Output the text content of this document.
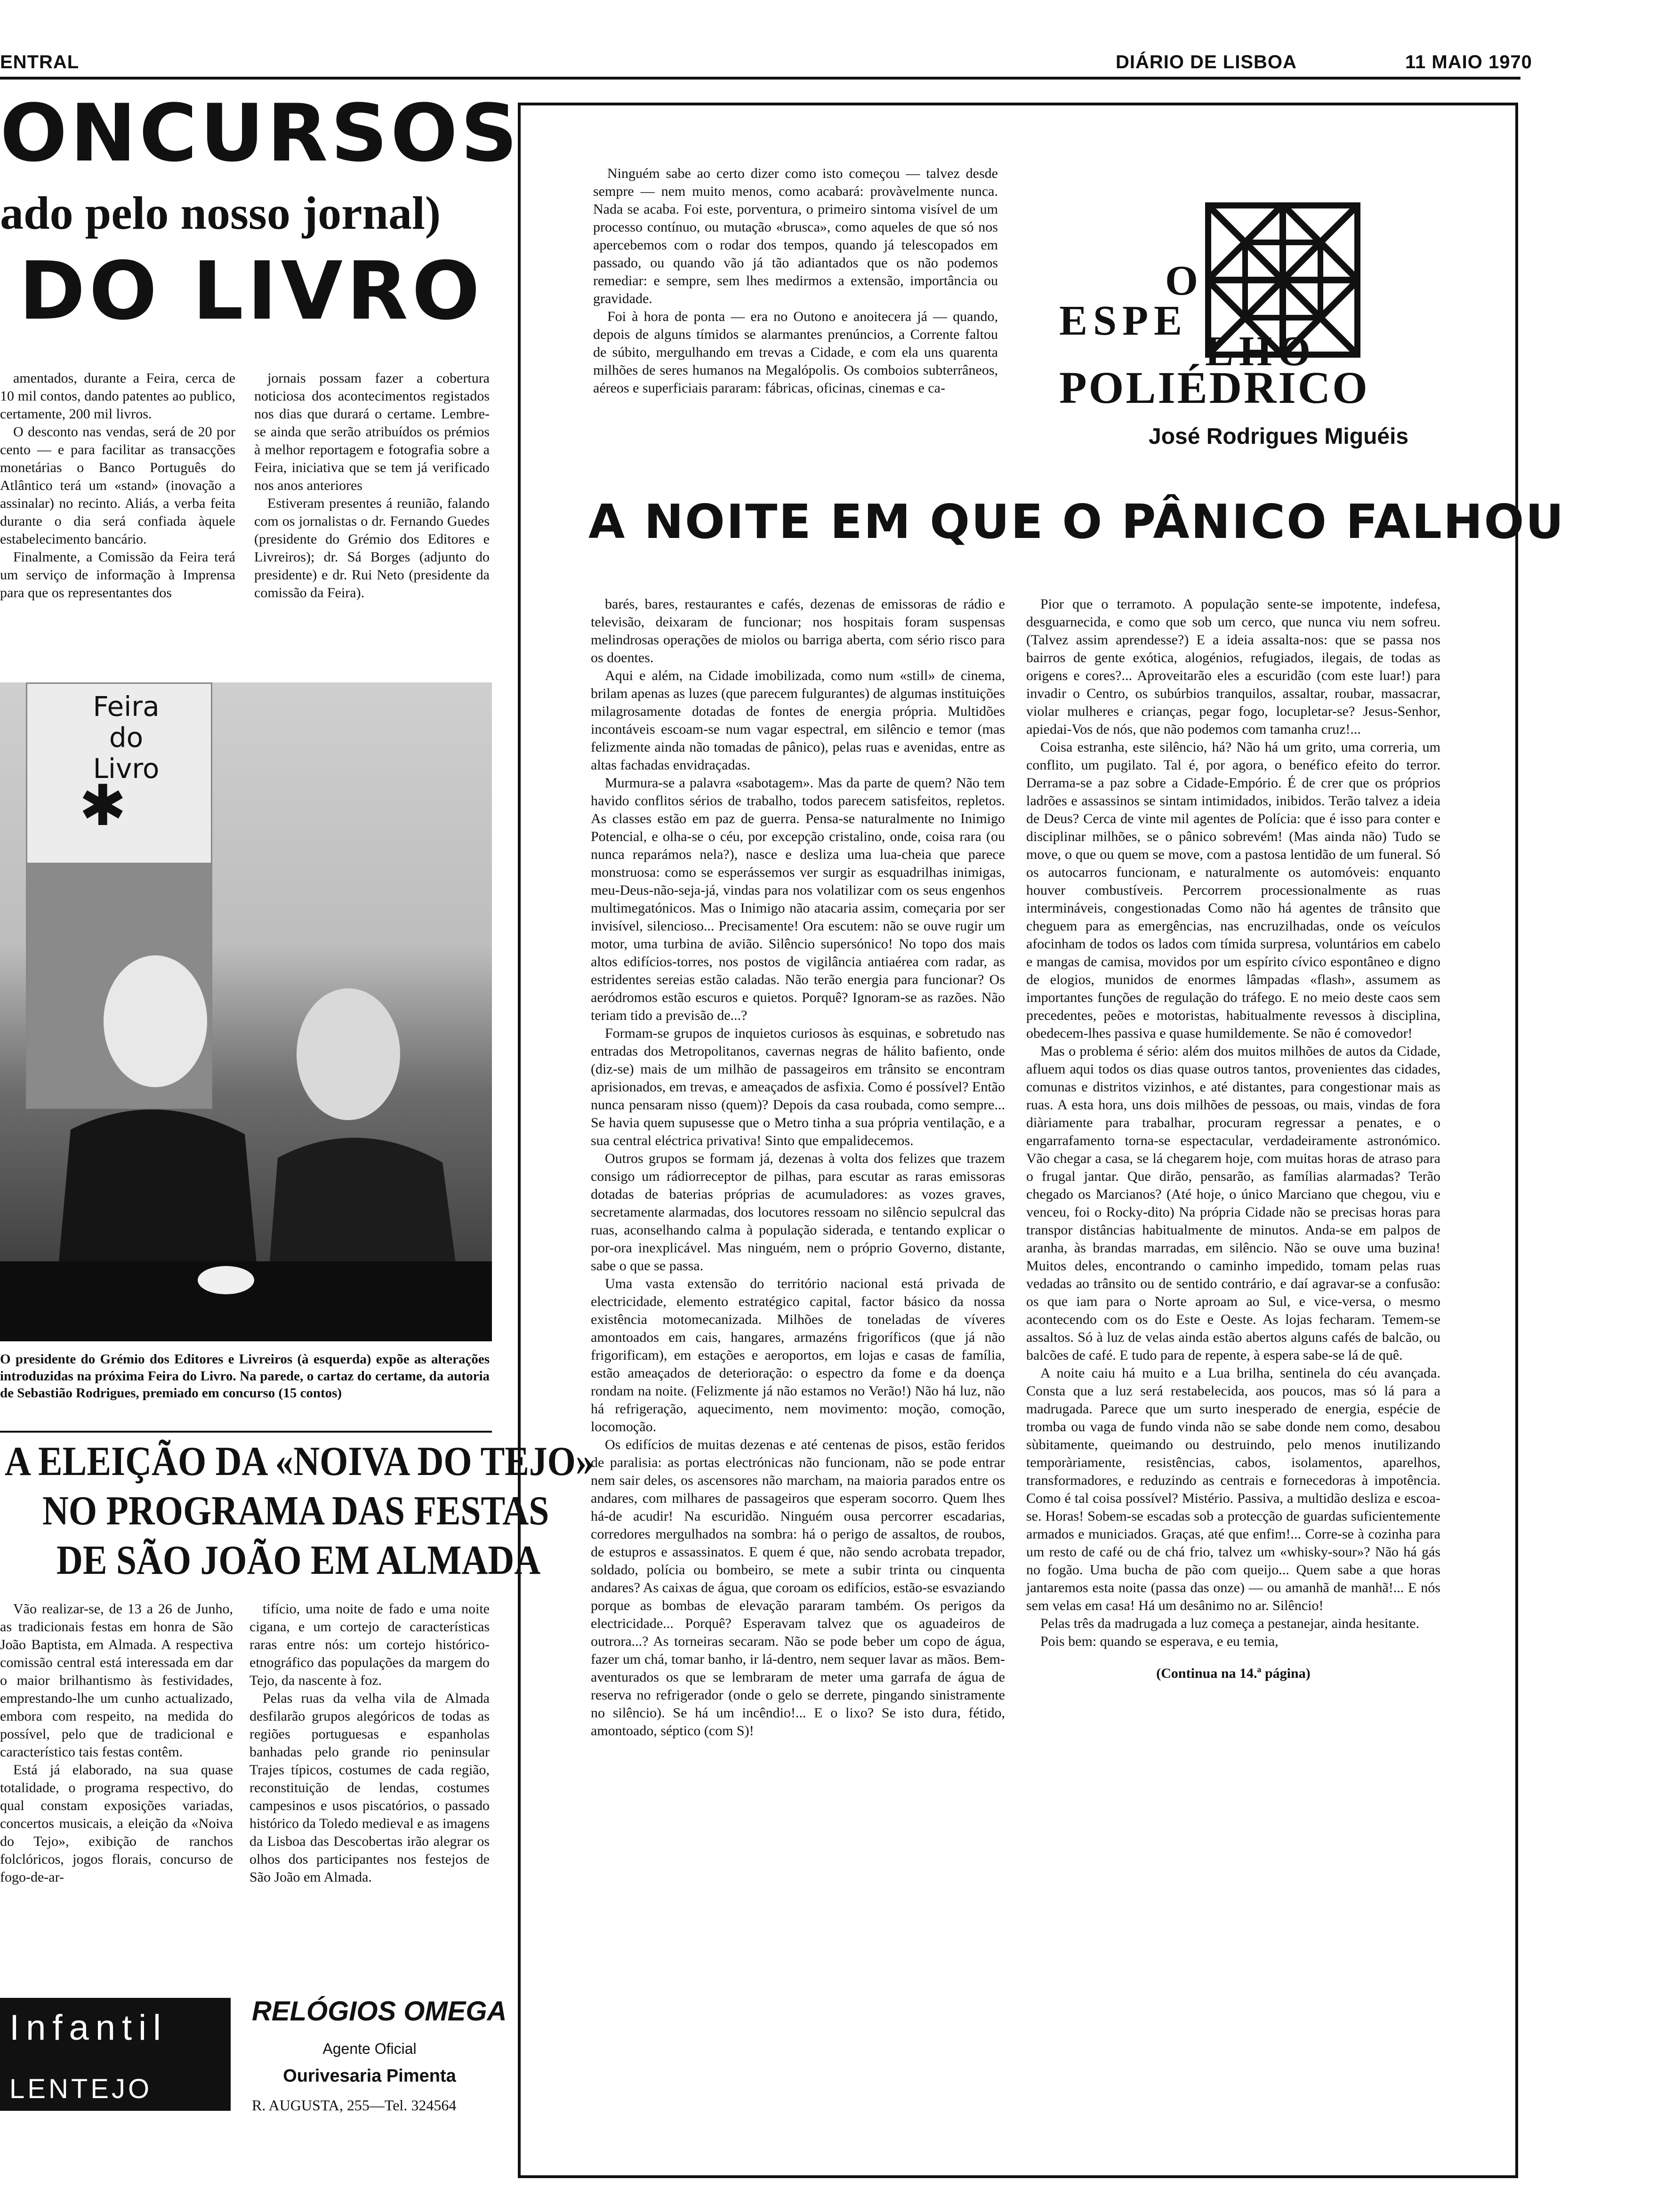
ENTRAL	DIÁRIO DE LISBOA	11 MAIO 1970
ONCURSOS
ado pelo nosso jornal)
DO LIVRO

amentados, durante a Feira, cerca de 10 mil contos, dando patentes ao publico, certamente, 200 mil livros.

O desconto nas vendas, será de 20 por cento — e para facilitar as transacções monetárias o Banco Português do Atlântico terá um «stand» (inovação a assinalar) no recinto. Aliás, a verba feita durante o dia será confiada àquele estabelecimento bancário.

Finalmente, a Comissão da Feira terá um serviço de informação à Imprensa para que os representantes dos

jornais possam fazer a cobertura noticiosa dos acontecimentos registados nos dias que durará o certame. Lembre-se ainda que serão atribuídos os prémios à melhor reportagem e fotografia sobre a Feira, iniciativa que se tem já verificado nos anos anteriores

Estiveram presentes á reunião, falando com os jornalistas o dr. Fernando Guedes (presidente do Grémio dos Editores e Livreiros); dr. Sá Borges (adjunto do presidente) e dr. Rui Neto (presidente da comissão da Feira).

Feira do Livro
✱
O presidente do Grémio dos Editores e Livreiros (à esquerda) expõe as alterações introduzidas na próxima Feira do Livro. Na parede, o cartaz do certame, da autoria de Sebastião Rodrigues, premiado em concurso (15 contos)
A ELEIÇÃO DA «NOIVA DO TEJO»
NO PROGRAMA DAS FESTAS
DE SÃO JOÃO EM ALMADA

Vão realizar-se, de 13 a 26 de Junho, as tradicionais festas em honra de São João Baptista, em Almada. A respectiva comissão central está interessada em dar o maior brilhantismo às festividades, emprestando-lhe um cunho actualizado, embora com respeito, na medida do possível, pelo que de tradicional e característico tais festas contêm.

Está já elaborado, na sua quase totalidade, o programa respectivo, do qual constam exposições variadas, concertos musicais, a eleição da «Noiva do Tejo», exibição de ranchos folclóricos, jogos florais, concurso de fogo-de-ar-

tifício, uma noite de fado e uma noite cigana, e um cortejo de características raras entre nós: um cortejo histórico-etnográfico das populações da margem do Tejo, da nascente à foz.

Pelas ruas da velha vila de Almada desfilarão grupos alegóricos de todas as regiões portuguesas e espanholas banhadas pelo grande rio peninsular Trajes típicos, costumes de cada região, reconstituição de lendas, costumes campesinos e usos piscatórios, o passado histórico da Toledo medieval e as imagens da Lisboa das Descobertas irão alegrar os olhos dos participantes nos festejos de São João em Almada.

Infantil
LENTEJO
RELÓGIOS OMEGA
Agente Oficial
Ourivesaria Pimenta
R. AUGUSTA, 255—Tel. 324564

Ninguém sabe ao certo dizer como isto começou — talvez desde sempre — nem muito menos, como acabará: provàvelmente nunca. Nada se acaba. Foi este, porventura, o primeiro sintoma visível de um processo contínuo, ou mutação «brusca», como aqueles de que só nos apercebemos com o rodar dos tempos, quando já telescopados em passado, ou quando vão já tão adiantados que os não podemos remediar: e sempre, sem lhes medirmos a extensão, importância ou gravidade.

Foi à hora de ponta — era no Outono e anoitecera já — quando, depois de alguns tímidos se alarmantes prenúncios, a Corrente faltou de súbito, mergulhando em trevas a Cidade, e com ela uns quarenta milhões de seres humanos na Megalópolis. Os comboios subterrâneos, aéreos e superficiais pararam: fábricas, oficinas, cinemas e ca-

O
ESPE
LHO
POLIÉDRICO
José Rodrigues Miguéis
A NOITE EM QUE O PÂNICO FALHOU

barés, bares, restaurantes e cafés, dezenas de emissoras de rádio e televisão, deixaram de funcionar; nos hospitais foram suspensas melindrosas operações de miolos ou barriga aberta, com sério risco para os doentes.

Aqui e além, na Cidade imobilizada, como num «still» de cinema, brilam apenas as luzes (que parecem fulgurantes) de algumas instituições milagrosamente dotadas de fontes de energia própria. Multidões incontáveis escoam-se num vagar espectral, em silêncio e temor (mas felizmente ainda não tomadas de pânico), pelas ruas e avenidas, entre as altas fachadas envidraçadas.

Murmura-se a palavra «sabotagem». Mas da parte de quem? Não tem havido conflitos sérios de trabalho, todos parecem satisfeitos, repletos. As classes estão em paz de guerra. Pensa-se naturalmente no Inimigo Potencial, e olha-se o céu, por excepção cristalino, onde, coisa rara (ou nunca reparámos nela?), nasce e desliza uma lua-cheia que parece monstruosa: como se esperássemos ver surgir as esquadrilhas inimigas, meu-Deus-não-seja-já, vindas para nos volatilizar com os seus engenhos multimegatónicos. Mas o Inimigo não atacaria assim, começaria por ser invisível, silencioso... Precisamente! Ora escutem: não se ouve rugir um motor, uma turbina de avião. Silêncio supersónico! No topo dos mais altos edifícios-torres, nos postos de vigilância antiaérea com radar, as estridentes sereias estão caladas. Não terão energia para funcionar? Os aeródromos estão escuros e quietos. Porquê? Ignoram-se as razões. Não teriam tido a previsão de...?

Formam-se grupos de inquietos curiosos às esquinas, e sobretudo nas entradas dos Metropolitanos, cavernas negras de hálito bafiento, onde (diz-se) mais de um milhão de passageiros em trânsito se encontram aprisionados, em trevas, e ameaçados de asfixia. Como é possível? Então nunca pensaram nisso (quem)? Depois da casa roubada, como sempre... Se havia quem supusesse que o Metro tinha a sua própria ventilação, e a sua central eléctrica privativa! Sinto que empalidecemos.

Outros grupos se formam já, dezenas à volta dos felizes que trazem consigo um rádiorreceptor de pilhas, para escutar as raras emissoras dotadas de baterias próprias de acumuladores: as vozes graves, secretamente alarmadas, dos locutores ressoam no silêncio sepulcral das ruas, aconselhando calma à população siderada, e tentando explicar o por-ora inexplicável. Mas ninguém, nem o próprio Governo, distante, sabe o que se passa.

Uma vasta extensão do território nacional está privada de electricidade, elemento estratégico capital, factor básico da nossa existência motomecanizada. Milhões de toneladas de víveres amontoados em cais, hangares, armazéns frigoríficos (que já não frigorificam), em estações e aeroportos, em lojas e casas de família, estão ameaçados de deterioração: o espectro da fome e da doença rondam na noite. (Felizmente já não estamos no Verão!) Não há luz, não há refrigeração, aquecimento, nem movimento: moção, comoção, locomoção.

Os edifícios de muitas dezenas e até centenas de pisos, estão feridos de paralisia: as portas electrónicas não funcionam, não se pode entrar nem sair deles, os ascensores não marcham, na maioria parados entre os andares, com milhares de passageiros que esperam socorro. Quem lhes há-de acudir! Na escuridão. Ninguém ousa percorrer escadarias, corredores mergulhados na sombra: há o perigo de assaltos, de roubos, de estupros e assassinatos. E quem é que, não sendo acrobata trepador, soldado, polícia ou bombeiro, se mete a subir trinta ou cinquenta andares? As caixas de água, que coroam os edifícios, estão-se esvaziando porque as bombas de elevação pararam também. Os perigos da electricidade... Porquê? Esperavam talvez que os aguadeiros de outrora...? As torneiras secaram. Não se pode beber um copo de água, fazer um chá, tomar banho, ir lá-dentro, nem sequer lavar as mãos. Bem-aventurados os que se lembraram de meter uma garrafa de água de reserva no refrigerador (onde o gelo se derrete, pingando sinistramente no silêncio). Se há um incêndio!... E o lixo? Se isto dura, fétido, amontoado, séptico (com S)!

Pior que o terramoto. A população sente-se impotente, indefesa, desguarnecida, e como que sob um cerco, que nunca viu nem sofreu. (Talvez assim aprendesse?) E a ideia assalta-nos: que se passa nos bairros de gente exótica, alogénios, refugiados, ilegais, de todas as origens e cores?... Aproveitarão eles a escuridão (com este luar!) para invadir o Centro, os subúrbios tranquilos, assaltar, roubar, massacrar, violar mulheres e crianças, pegar fogo, locupletar-se? Jesus-Senhor, apiedai-Vos de nós, que não podemos com tamanha cruz!...

Coisa estranha, este silêncio, há? Não há um grito, uma correria, um conflito, um pugilato. Tal é, por agora, o benéfico efeito do terror. Derrama-se a paz sobre a Cidade-Empório. É de crer que os próprios ladrões e assassinos se sintam intimidados, inibidos. Terão talvez a ideia de Deus? Cerca de vinte mil agentes de Polícia: que é isso para conter e disciplinar milhões, se o pânico sobrevém! (Mas ainda não) Tudo se move, o que ou quem se move, com a pastosa lentidão de um funeral. Só os autocarros funcionam, e naturalmente os automóveis: enquanto houver combustíveis. Percorrem processionalmente as ruas intermináveis, congestionadas Como não há agentes de trânsito que cheguem para as emergências, nas encruzilhadas, onde os veículos afocinham de todos os lados com tímida surpresa, voluntários em cabelo e mangas de camisa, movidos por um espírito cívico espontâneo e digno de elogios, munidos de enormes lâmpadas «flash», assumem as importantes funções de regulação do tráfego. E no meio deste caos sem precedentes, peões e motoristas, habitualmente revessos à disciplina, obedecem-lhes passiva e quase humildemente. Se não é comovedor!

Mas o problema é sério: além dos muitos milhões de autos da Cidade, afluem aqui todos os dias quase outros tantos, provenientes das cidades, comunas e distritos vizinhos, e até distantes, para congestionar mais as ruas. A esta hora, uns dois milhões de pessoas, ou mais, vindas de fora diàriamente para trabalhar, procuram regressar a penates, e o engarrafamento torna-se espectacular, verdadeiramente astronómico. Vão chegar a casa, se lá chegarem hoje, com muitas horas de atraso para o frugal jantar. Que dirão, pensarão, as famílias alarmadas? Terão chegado os Marcianos? (Até hoje, o único Marciano que chegou, viu e venceu, foi o Rocky-dito) Na própria Cidade não se precisas horas para transpor distâncias habitualmente de minutos. Anda-se em palpos de aranha, às brandas marradas, em silêncio. Não se ouve uma buzina! Muitos deles, encontrando o caminho impedido, tomam pelas ruas vedadas ao trânsito ou de sentido contrário, e daí agravar-se a confusão: os que iam para o Norte aproam ao Sul, e vice-versa, o mesmo acontecendo com os do Este e Oeste. As lojas fecharam. Temem-se assaltos. Só à luz de velas ainda estão abertos alguns cafés de balcão, ou balcões de café. E tudo para de repente, à espera sabe-se lá de quê.

A noite caiu há muito e a Lua brilha, sentinela do céu avançada. Consta que a luz será restabelecida, aos poucos, mas só lá para a madrugada. Parece que um surto inesperado de energia, espécie de tromba ou vaga de fundo vinda não se sabe donde nem como, desabou sùbitamente, queimando ou destruindo, pelo menos inutilizando temporàriamente, resistências, cabos, isolamentos, aparelhos, transformadores, e reduzindo as centrais e fornecedoras à impotência. Como é tal coisa possível? Mistério. Passiva, a multidão desliza e escoa-se. Horas! Sobem-se escadas sob a protecção de guardas suficientemente armados e municiados. Graças, até que enfim!... Corre-se à cozinha para um resto de café ou de chá frio, talvez um «whisky-sour»? Não há gás no fogão. Uma bucha de pão com queijo... Quem sabe a que horas jantaremos esta noite (passa das onze) — ou amanhã de manhã!... E nós sem velas em casa! Há um desânimo no ar. Silêncio!

Pelas três da madrugada a luz começa a pestanejar, ainda hesitante.

Pois bem: quando se esperava, e eu temia,

(Continua na 14.ª página)
